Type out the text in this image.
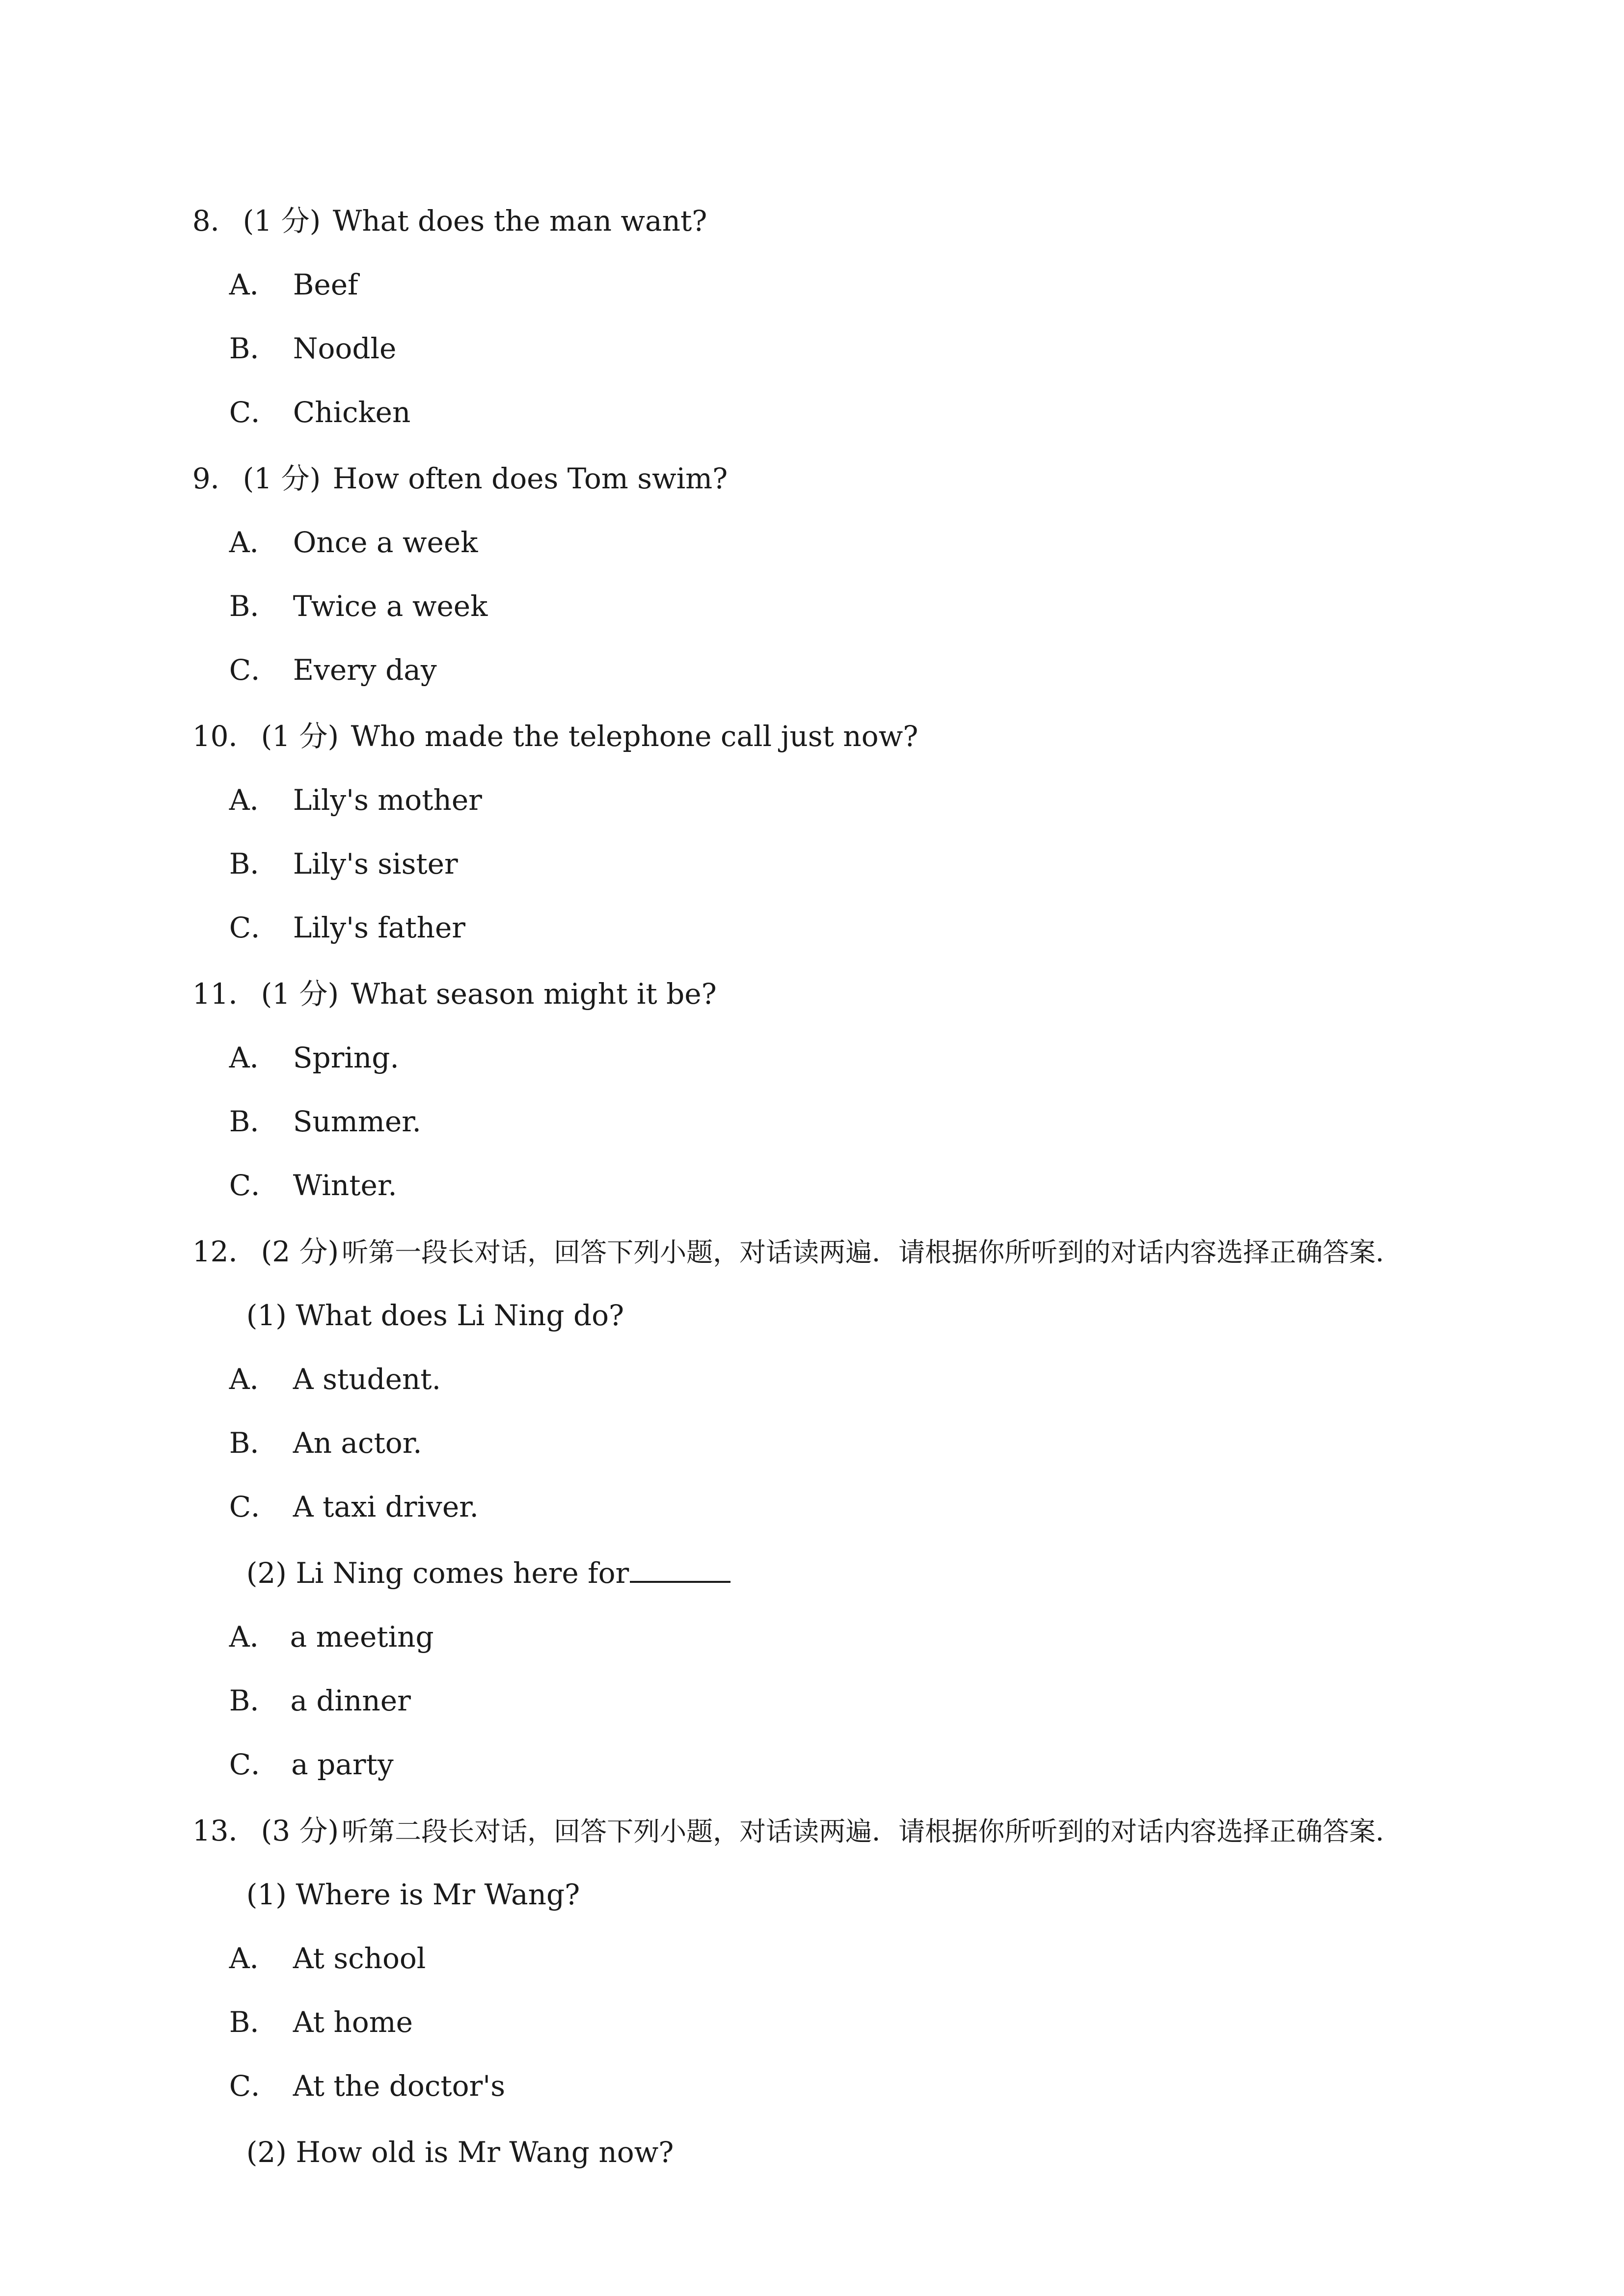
8． (1 分) What does the man want?

A． Beef

B． Noodle

C． Chicken

9． (1 分) How often does Tom swim?

A． Once a week

B． Twice a week

C． Every day

10． (1 分) Who made the telephone call just now?

A． Lily's mother

B． Lily's sister

C． Lily's father

11． (1 分) What season might it be?

A． Spring.

B． Summer.

C． Winter.

12． (2 分) 听第一段长对话，回答下列小题，对话读两遍．请根据你所听到的对话内容选择正确答案．

(1) What does Li Ning do?

A． A student.

B． An actor.

C． A taxi driver.

(2) Li Ning comes here for

A． a meeting

B． a dinner

C． a party

13． (3 分) 听第二段长对话，回答下列小题，对话读两遍．请根据你所听到的对话内容选择正确答案．

(1) Where is Mr Wang?

A． At school

B． At home

C． At the doctor's

(2) How old is Mr Wang now?
